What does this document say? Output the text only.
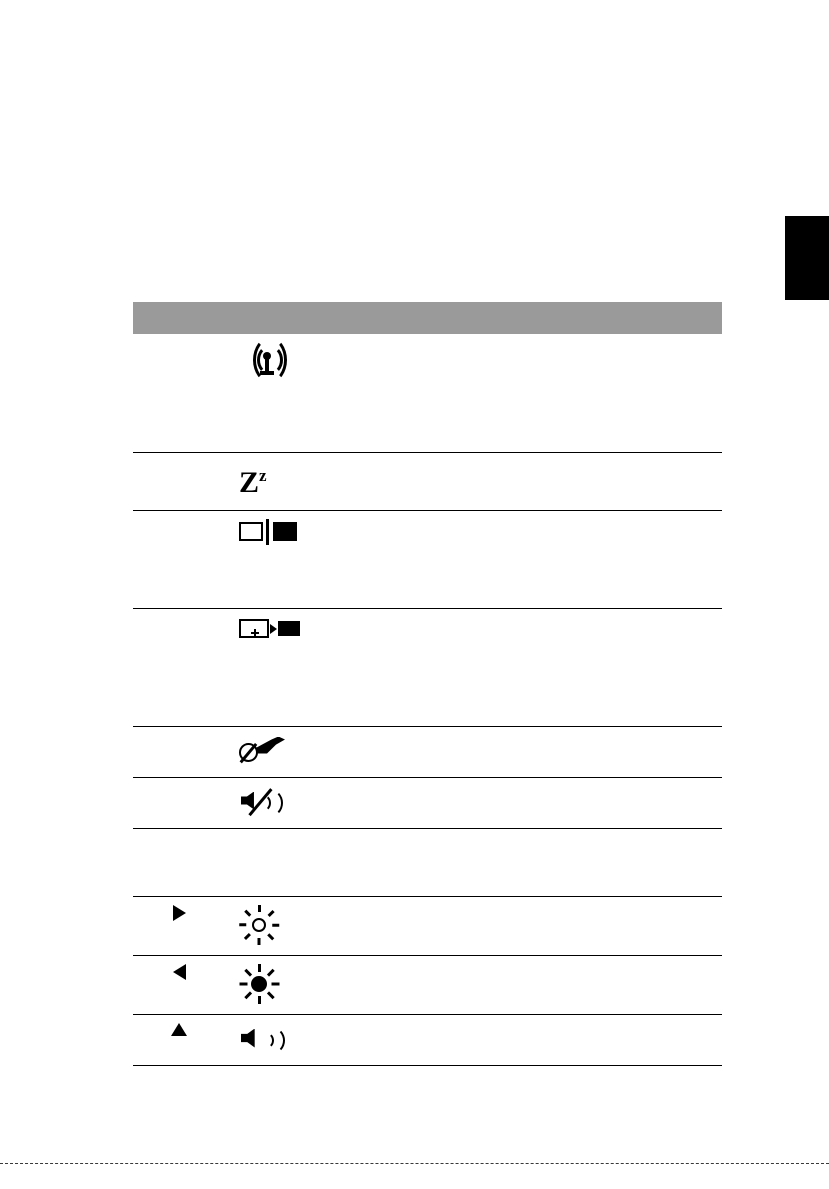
	$Z^z$
